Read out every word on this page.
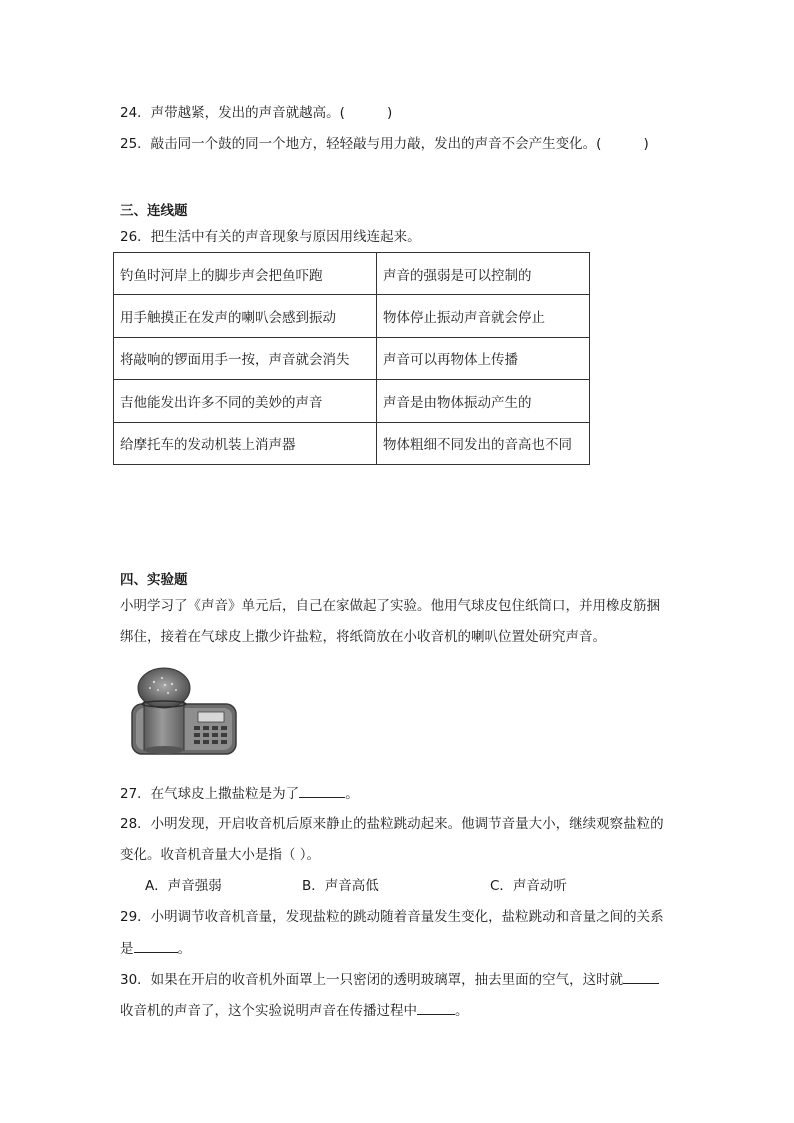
24．声带越紧，发出的声音就越高。(	)
25．敲击同一个鼓的同一个地方，轻轻敲与用力敲，发出的声音不会产生变化。(	)
三、连线题
26．把生活中有关的声音现象与原因用线连起来。
钓鱼时河岸上的脚步声会把鱼吓跑	声音的强弱是可以控制的
用手触摸正在发声的喇叭会感到振动	物体停止振动声音就会停止
将敲响的锣面用手一按，声音就会消失	声音可以再物体上传播
吉他能发出许多不同的美妙的声音	声音是由物体振动产生的
给摩托车的发动机装上消声器	物体粗细不同发出的音高也不同
四、实验题
小明学习了《声音》单元后，自己在家做起了实验。他用气球皮包住纸筒口，并用橡皮筋捆
绑住，接着在气球皮上撒少许盐粒，将纸筒放在小收音机的喇叭位置处研究声音。
27．在气球皮上撒盐粒是为了	。
28．小明发现，开启收音机后原来静止的盐粒跳动起来。他调节音量大小，继续观察盐粒的
变化。收音机音量大小是指（ ）。
A．声音强弱	B．声音高低	C．声音动听
29．小明调节收音机音量，发现盐粒的跳动随着音量发生变化，盐粒跳动和音量之间的关系
是	。
30．如果在开启的收音机外面罩上一只密闭的透明玻璃罩，抽去里面的空气，这时就
收音机的声音了，这个实验说明声音在传播过程中	。
